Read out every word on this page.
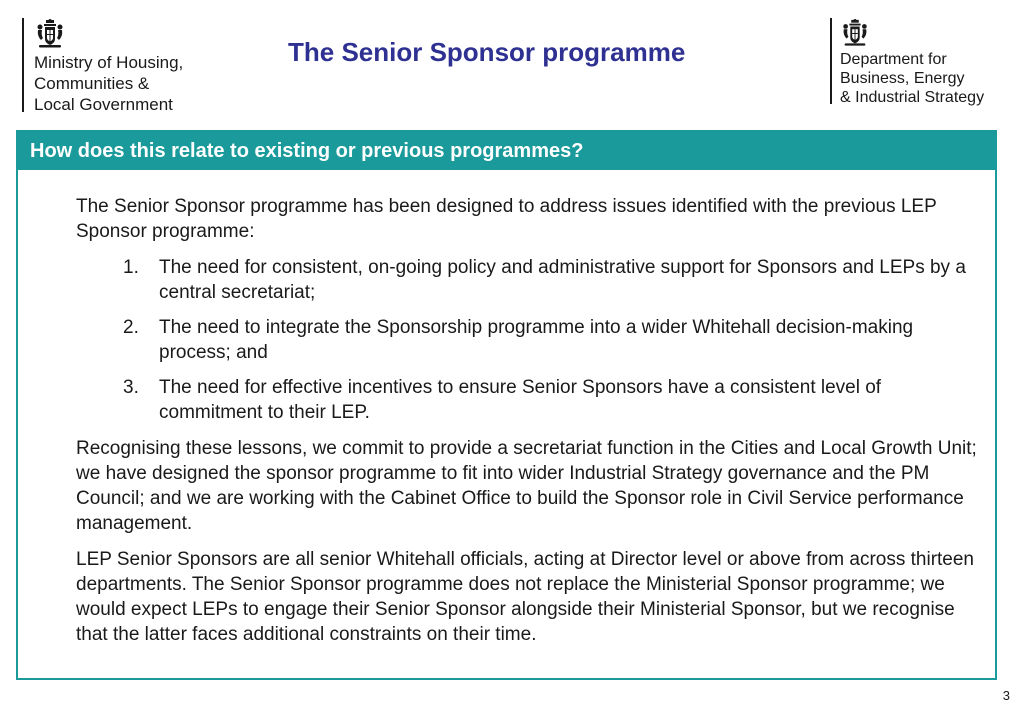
Ministry of Housing,
Communities &
Local Government
The Senior Sponsor programme	Department for
Business, Energy
& Industrial Strategy
How does this relate to existing or previous programmes?

The Senior Sponsor programme has been designed to address issues identified with the previous LEP Sponsor programme:

1. The need for consistent, on-going policy and administrative support for Sponsors and LEPs by a central secretariat;
2. The need to integrate the Sponsorship programme into a wider Whitehall decision-making process; and
3. The need for effective incentives to ensure Senior Sponsors have a consistent level of commitment to their LEP.

Recognising these lessons, we commit to provide a secretariat function in the Cities and Local Growth Unit; we have designed the sponsor programme to fit into wider Industrial Strategy governance and the PM Council; and we are working with the Cabinet Office to build the Sponsor role in Civil Service performance management.

LEP Senior Sponsors are all senior Whitehall officials, acting at Director level or above from across thirteen departments. The Senior Sponsor programme does not replace the Ministerial Sponsor programme; we would expect LEPs to engage their Senior Sponsor alongside their Ministerial Sponsor, but we recognise that the latter faces additional constraints on their time.

3
